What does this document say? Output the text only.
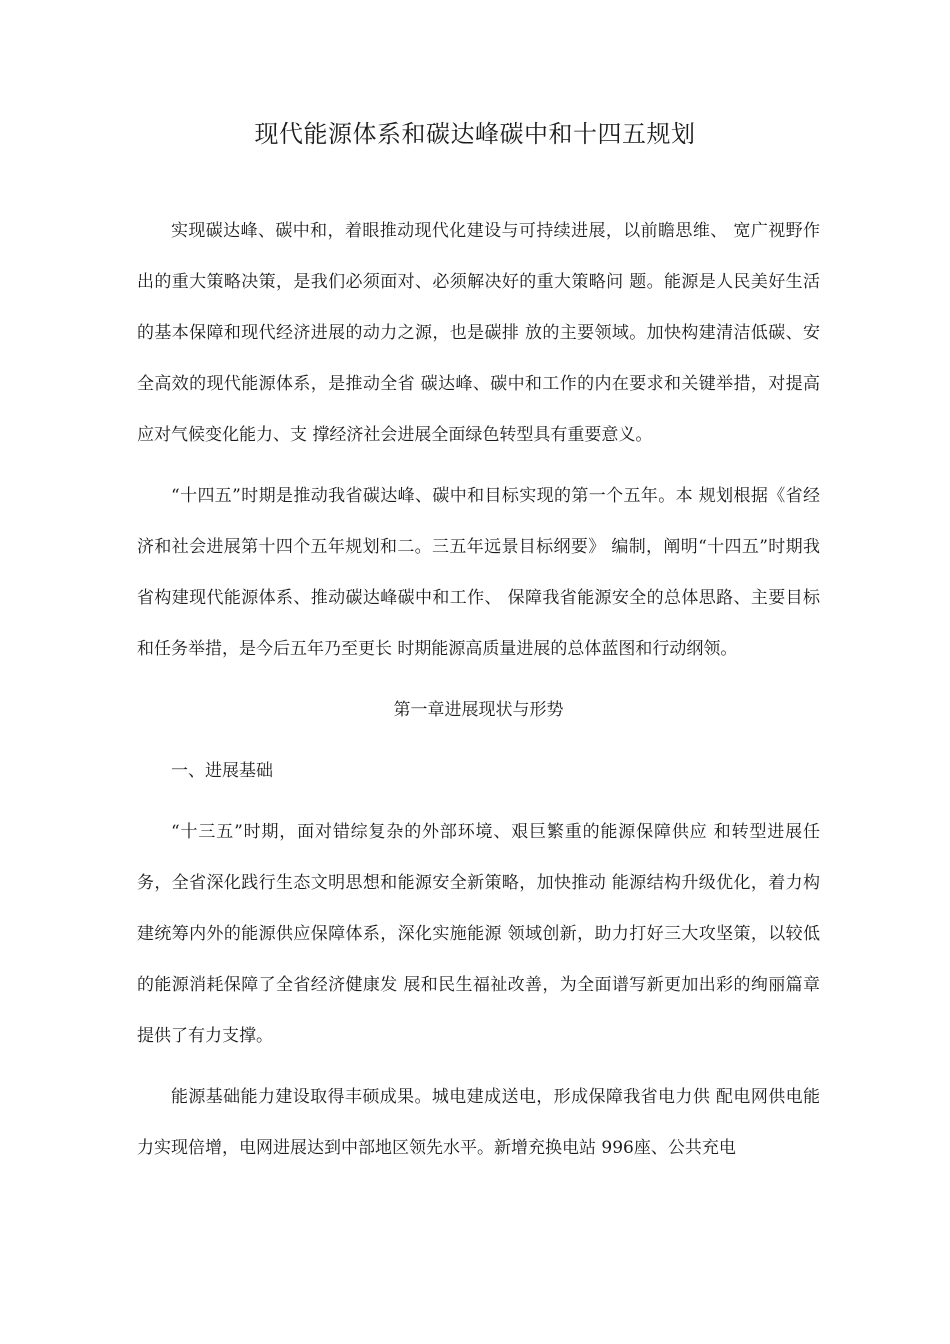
现代能源体系和碳达峰碳中和十四五规划

实现碳达峰、碳中和，着眼推动现代化建设与可持续进展，以前瞻思维、 宽广视野作出的重大策略决策，是我们必须面对、必须解决好的重大策略问 题。能源是人民美好生活的基本保障和现代经济进展的动力之源，也是碳排 放的主要领域。加快构建清洁低碳、安全高效的现代能源体系，是推动全省 碳达峰、碳中和工作的内在要求和关键举措，对提高应对气候变化能力、支 撑经济社会进展全面绿色转型具有重要意义。

“十四五”时期是推动我省碳达峰、碳中和目标实现的第一个五年。本 规划根据《省经济和社会进展第十四个五年规划和二。三五年远景目标纲要》 编制，阐明“十四五”时期我省构建现代能源体系、推动碳达峰碳中和工作、 保障我省能源安全的总体思路、主要目标和任务举措，是今后五年乃至更长 时期能源高质量进展的总体蓝图和行动纲领。

第一章进展现状与形势

一、进展基础

“十三五”时期，面对错综复杂的外部环境、艰巨繁重的能源保障供应 和转型进展任务，全省深化践行生态文明思想和能源安全新策略，加快推动 能源结构升级优化，着力构建统筹内外的能源供应保障体系，深化实施能源 领域创新，助力打好三大攻坚策，以较低的能源消耗保障了全省经济健康发 展和民生福祉改善，为全面谱写新更加出彩的绚丽篇章提供了有力支撑。

能源基础能力建设取得丰硕成果。城电建成送电，形成保障我省电力供 配电网供电能力实现倍增，电网进展达到中部地区领先水平。新增充换电站 996座、公共充电
